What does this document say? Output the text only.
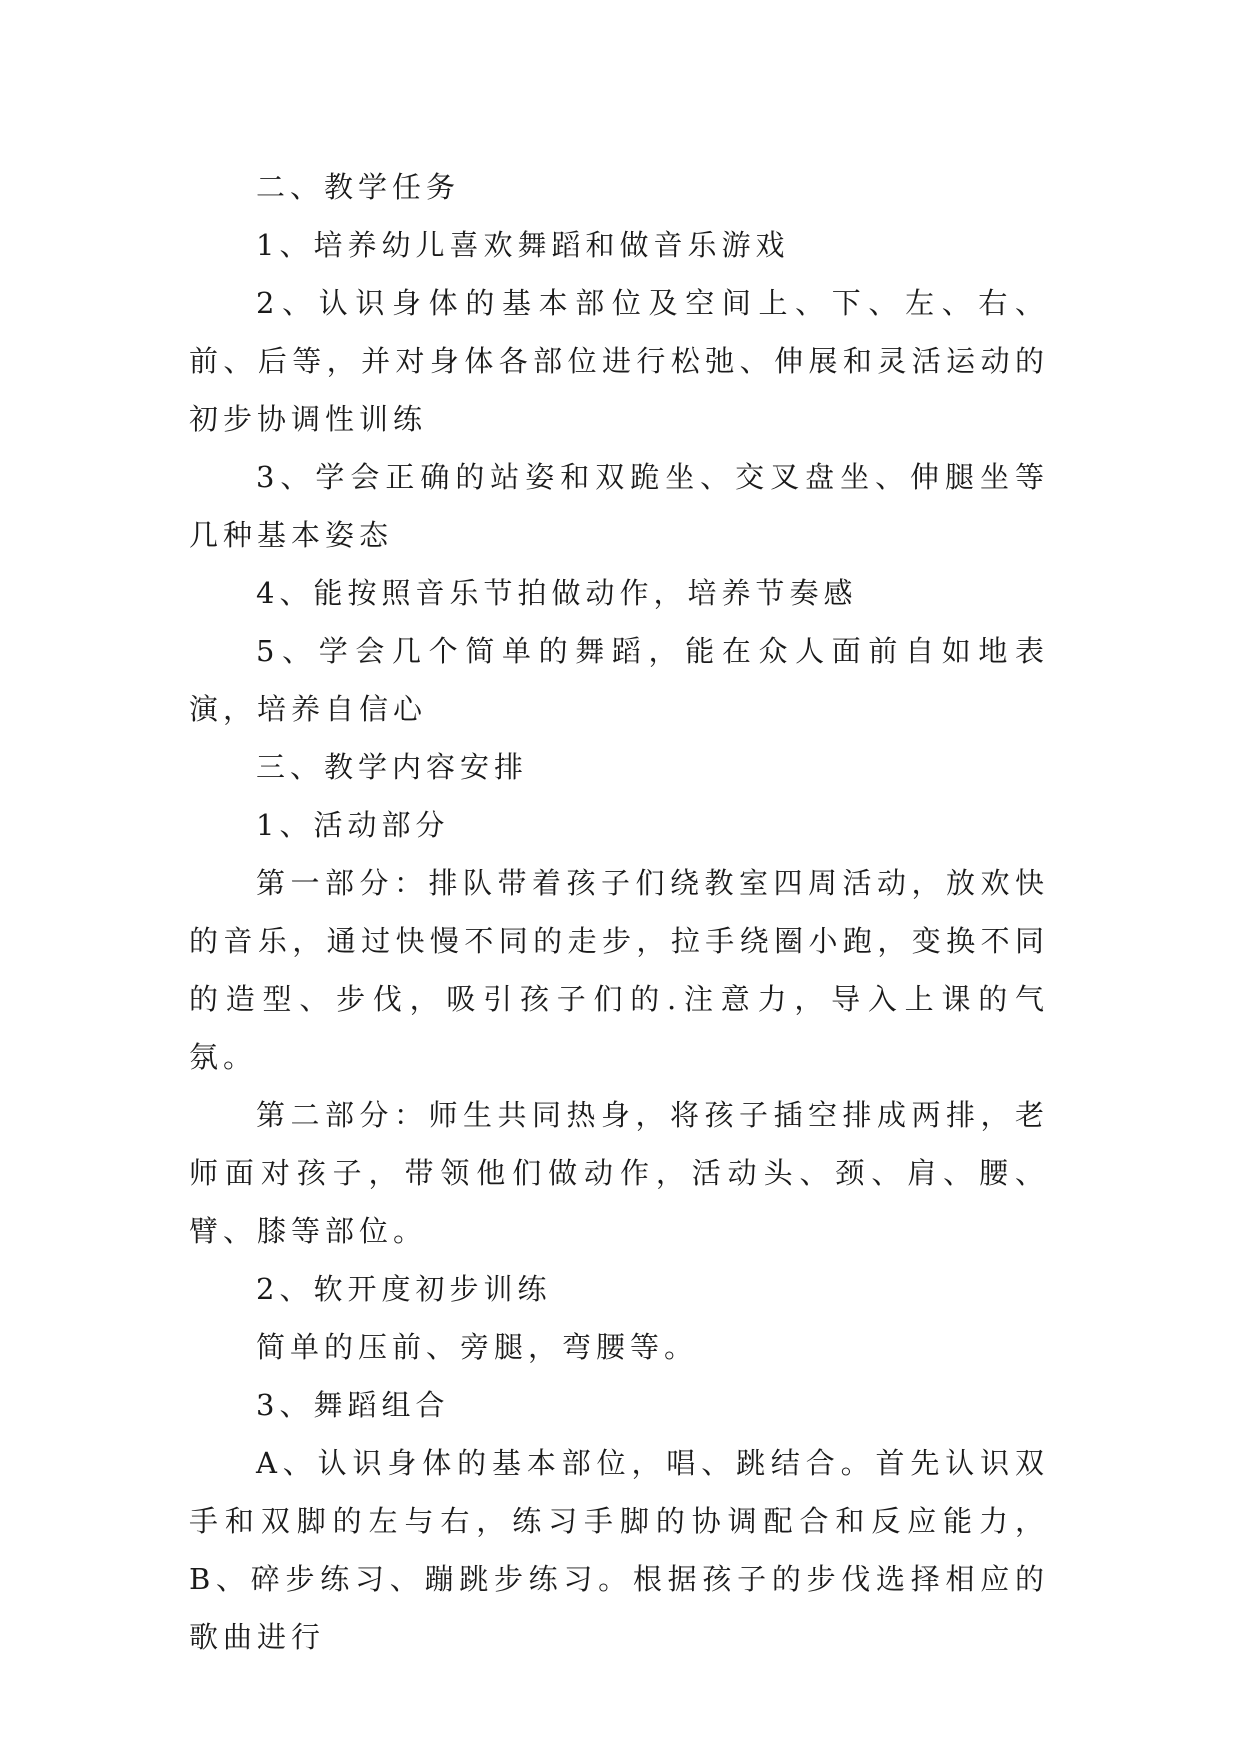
二、教学任务

1、培养幼儿喜欢舞蹈和做音乐游戏

2、认识身体的基本部位及空间上、下、左、右、前、后等，并对身体各部位进行松弛、伸展和灵活运动的初步协调性训练

3、学会正确的站姿和双跪坐、交叉盘坐、伸腿坐等几种基本姿态

4、能按照音乐节拍做动作，培养节奏感

5、学会几个简单的舞蹈，能在众人面前自如地表演，培养自信心

三、教学内容安排

1、活动部分

第一部分：排队带着孩子们绕教室四周活动，放欢快的音乐，通过快慢不同的走步，拉手绕圈小跑，变换不同的造型、步伐，吸引孩子们的.注意力，导入上课的气氛。

第二部分：师生共同热身，将孩子插空排成两排，老师面对孩子，带领他们做动作，活动头、颈、肩、腰、臂、膝等部位。

2、软开度初步训练

简单的压前、旁腿，弯腰等。

3、舞蹈组合

A、认识身体的基本部位，唱、跳结合。首先认识双手和双脚的左与右，练习手脚的协调配合和反应能力，B、碎步练习、蹦跳步练习。根据孩子的步伐选择相应的歌曲进行
